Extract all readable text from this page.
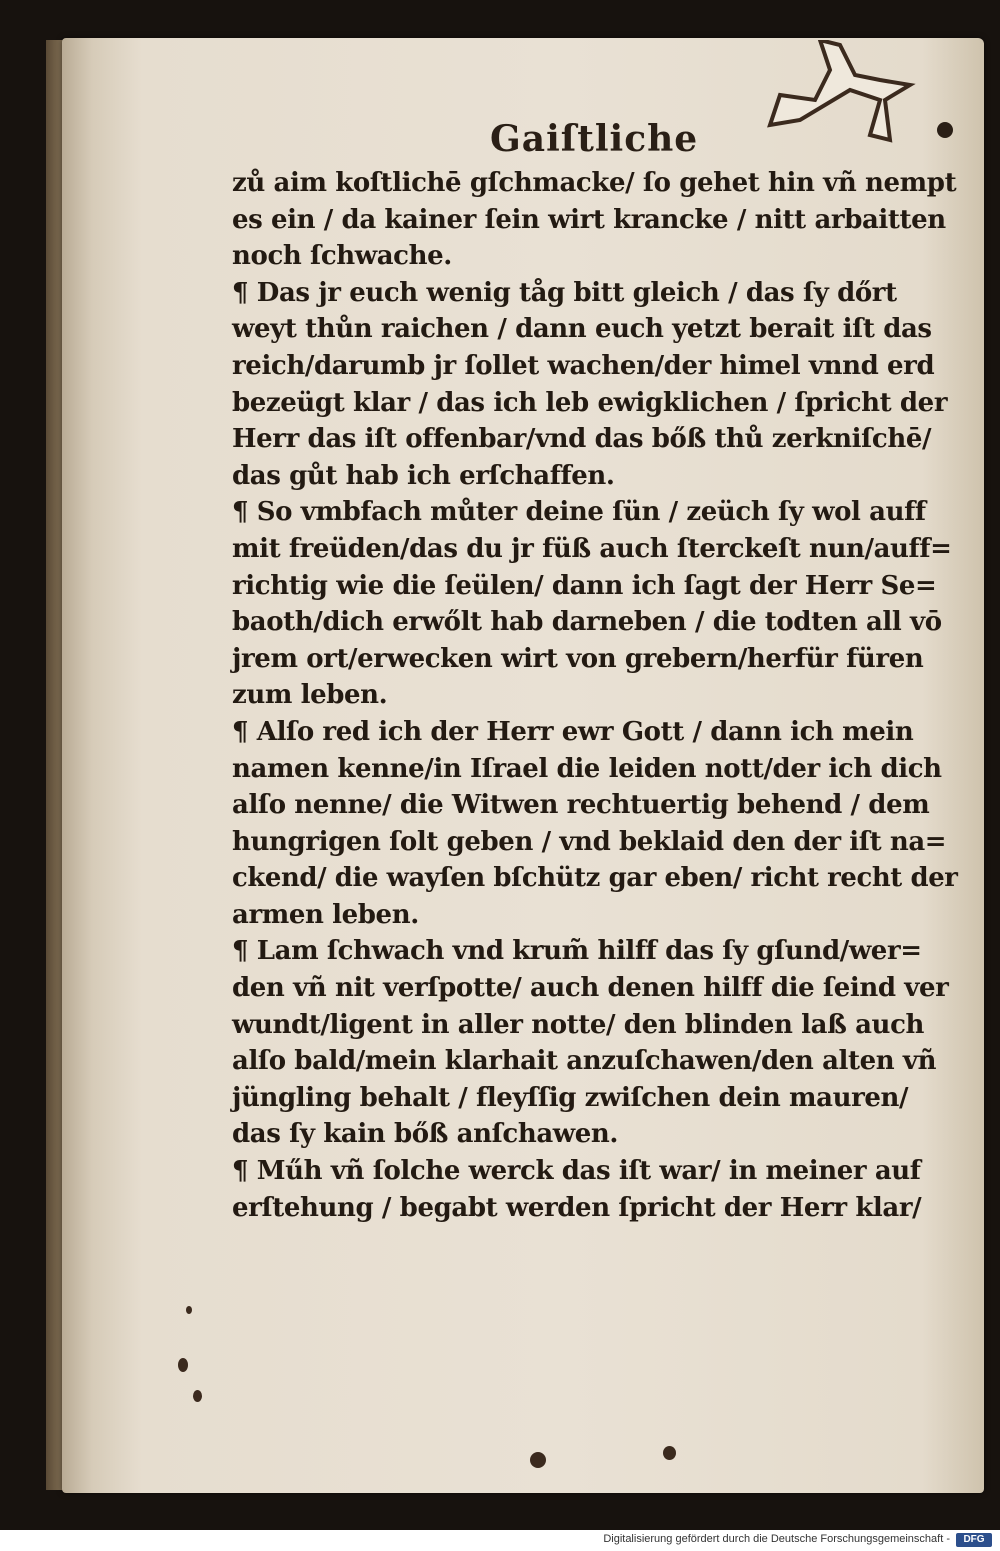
Gaiſtliche
zů aim koſtlichē gſchmacke/ ſo gehet hin vñ nempt
es ein / da kainer ſein wirt krancke / nitt arbaitten
noch ſchwache.
¶ Das jr euch wenig tåg bitt gleich / das ſy dőrt
weyt thůn raichen / dann euch yetzt berait iſt das
reich/darumb jr ſollet wachen/der himel vnnd erd
bezeügt klar / das ich leb ewigklichen / ſpricht der
Herr das iſt offenbar/vnd das bőß thů zerkniſchē/
das gůt hab ich erſchaffen.
¶ So vmbfach můter deine ſün / zeüch ſy wol auff
mit freüden/das du jr füß auch ſterckeſt nun/auff=
richtig wie die ſeülen/ dann ich ſagt der Herr Se=
baoth/dich erwőlt hab darneben / die todten all vō
jrem ort/erwecken wirt von grebern/herfür füren
zum leben.
¶ Alſo red ich der Herr ewr Gott / dann ich mein
namen kenne/in Iſrael die leiden nott/der ich dich
alſo nenne/ die Witwen rechtuertig behend / dem
hungrigen ſolt geben / vnd beklaid den der iſt na=
ckend/ die wayſen bſchütz gar eben/ richt recht der
armen leben.
¶ Lam ſchwach vnd krum̃ hilff das ſy gſund/wer=
den vñ nit verſpotte/ auch denen hilff die ſeind ver
wundt/ligent in aller notte/ den blinden laß auch
alſo bald/mein klarhait anzuſchawen/den alten vñ
jüngling behalt / fleyſſig zwiſchen dein mauren/
das ſy kain bőß anſchawen.
¶ Műh vñ ſolche werck das iſt war/ in meiner auf
erſtehung / begabt werden ſpricht der Herr klar/
Digitalisierung gefördert durch die Deutsche Forschungsgemeinschaft -	DFG
